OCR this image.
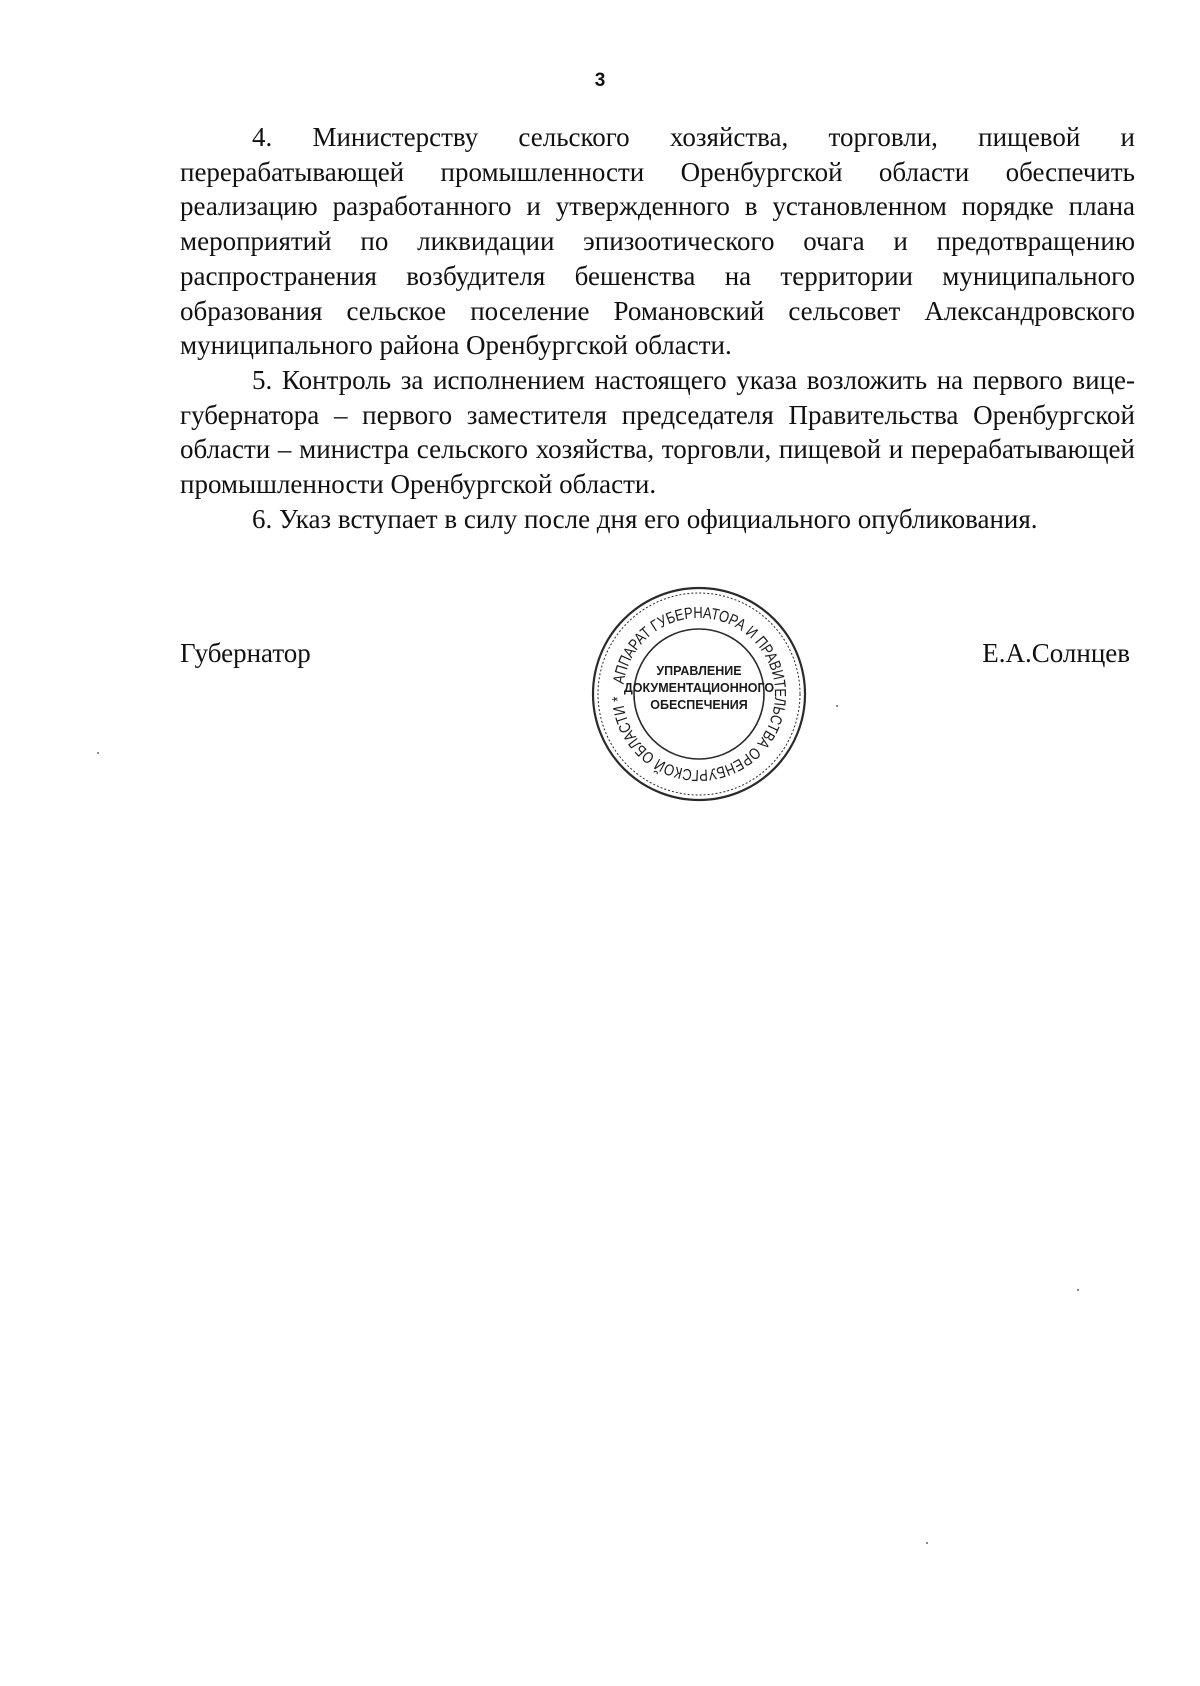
3

4. Министерству сельского хозяйства, торговли, пищевой и перерабатывающей промышленности Оренбургской области обеспечить реализацию разработанного и утвержденного в установленном порядке плана мероприятий по ликвидации эпизоотического очага и предотвращению распространения возбудителя бешенства на территории муниципального образования сельское поселение Романовский сельсовет Александровского муниципального района Оренбургской области.

5. Контроль за исполнением настоящего указа возложить на первого вице-губернатора – первого заместителя председателя Правительства Оренбургской области – министра сельского хозяйства, торговли, пищевой и перерабатывающей промышленности Оренбургской области.

6. Указ вступает в силу после дня его официального опубликования.

Губернатор	Е.А.Солнцев
АППАРАТ ГУБЕРНАТОРА И ПРАВИТЕЛЬСТВА ОРЕНБУРГСКОЙ ОБЛАСТИ *
УПРАВЛЕНИЕ
ДОКУМЕНТАЦИОННОГО
ОБЕСПЕЧЕНИЯ
